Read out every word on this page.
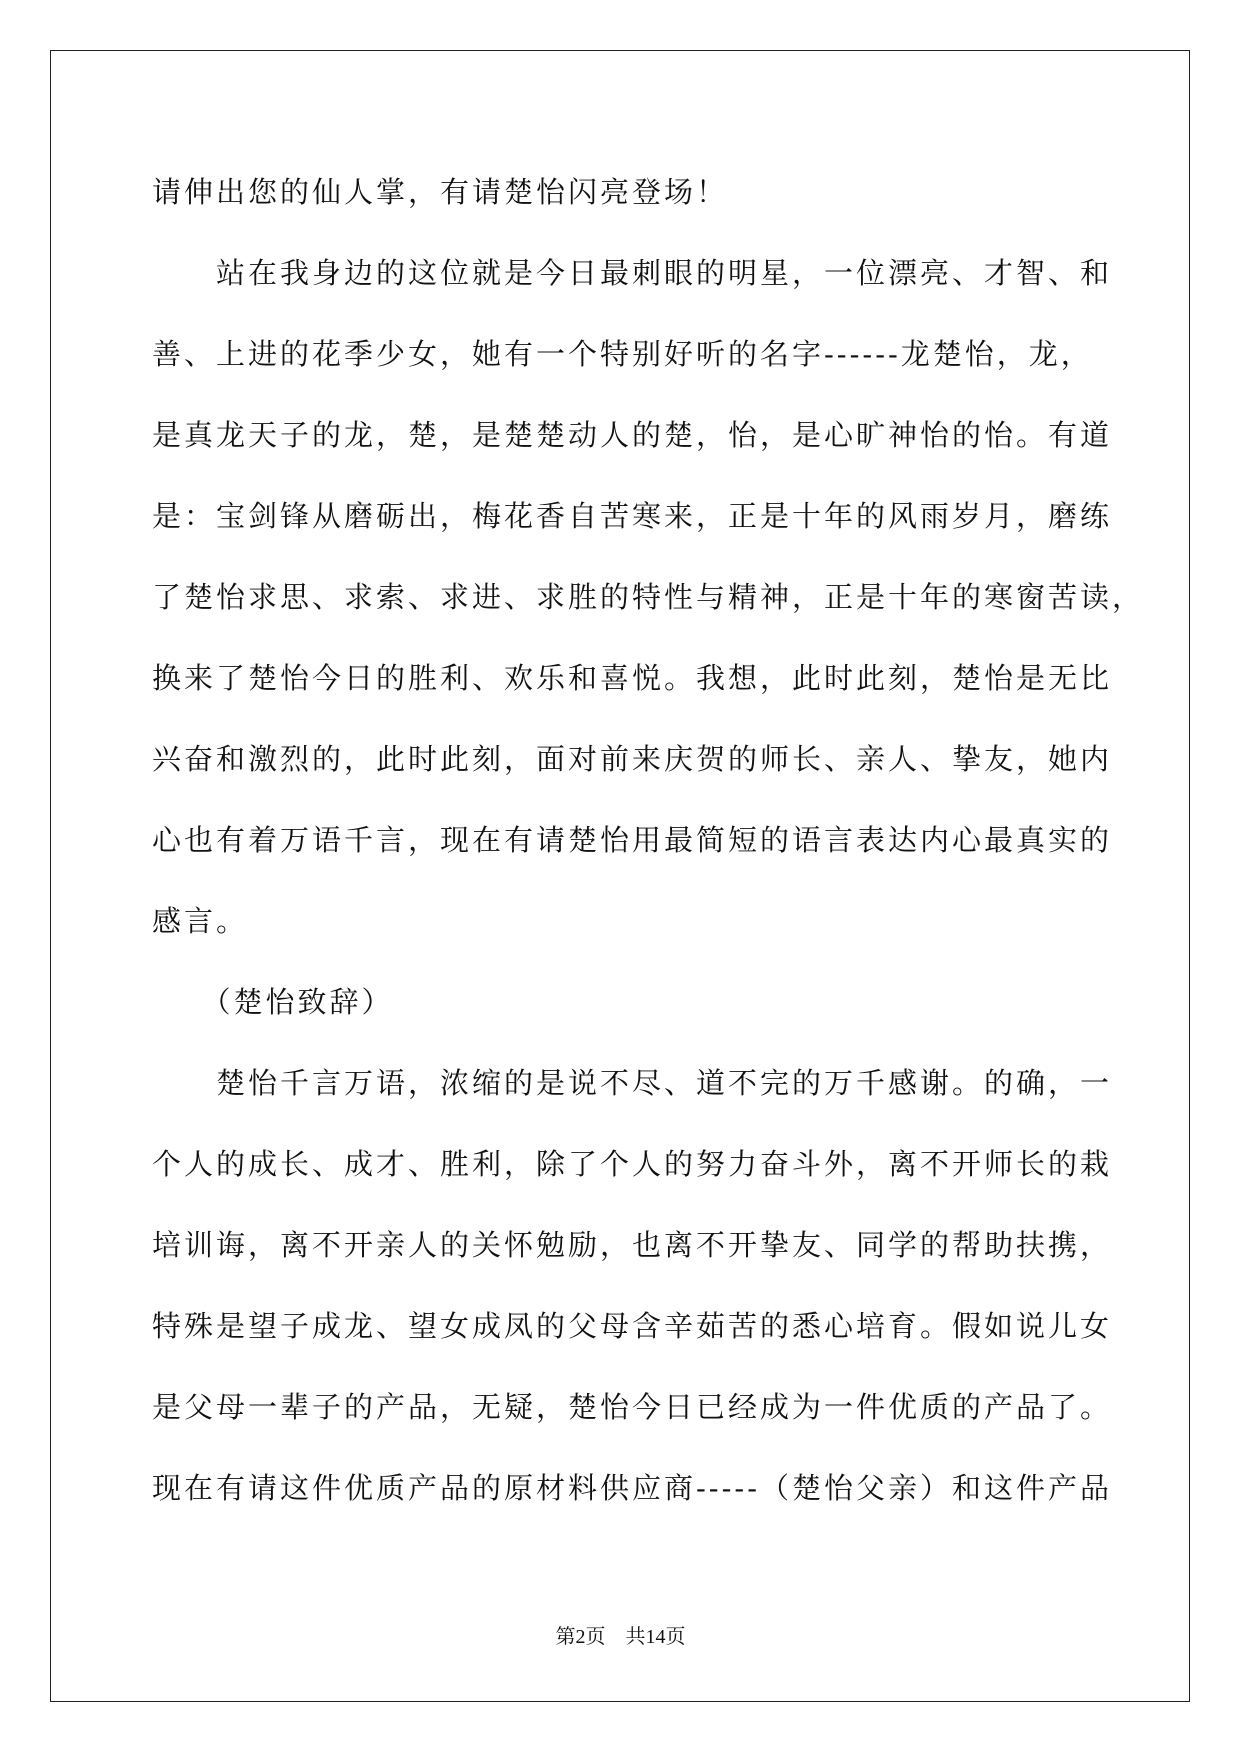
请伸出您的仙人掌，有请楚怡闪亮登场！
　　站在我身边的这位就是今日最刺眼的明星，一位漂亮、才智、和
善、上进的花季少女，她有一个特别好听的名字------龙楚怡，龙，
是真龙天子的龙，楚，是楚楚动人的楚，怡，是心旷神怡的怡。有道
是：宝剑锋从磨砺出，梅花香自苦寒来，正是十年的风雨岁月，磨练
了楚怡求思、求索、求进、求胜的特性与精神，正是十年的寒窗苦读，
换来了楚怡今日的胜利、欢乐和喜悦。我想，此时此刻，楚怡是无比
兴奋和激烈的，此时此刻，面对前来庆贺的师长、亲人、挚友，她内
心也有着万语千言，现在有请楚怡用最简短的语言表达内心最真实的
感言。
　　（楚怡致辞）
　　楚怡千言万语，浓缩的是说不尽、道不完的万千感谢。的确，一
个人的成长、成才、胜利，除了个人的努力奋斗外，离不开师长的栽
培训诲，离不开亲人的关怀勉励，也离不开挚友、同学的帮助扶携，
特殊是望子成龙、望女成凤的父母含辛茹苦的悉心培育。假如说儿女
是父母一辈子的产品，无疑，楚怡今日已经成为一件优质的产品了。
现在有请这件优质产品的原材料供应商-----（楚怡父亲）和这件产品
第2页　共14页
